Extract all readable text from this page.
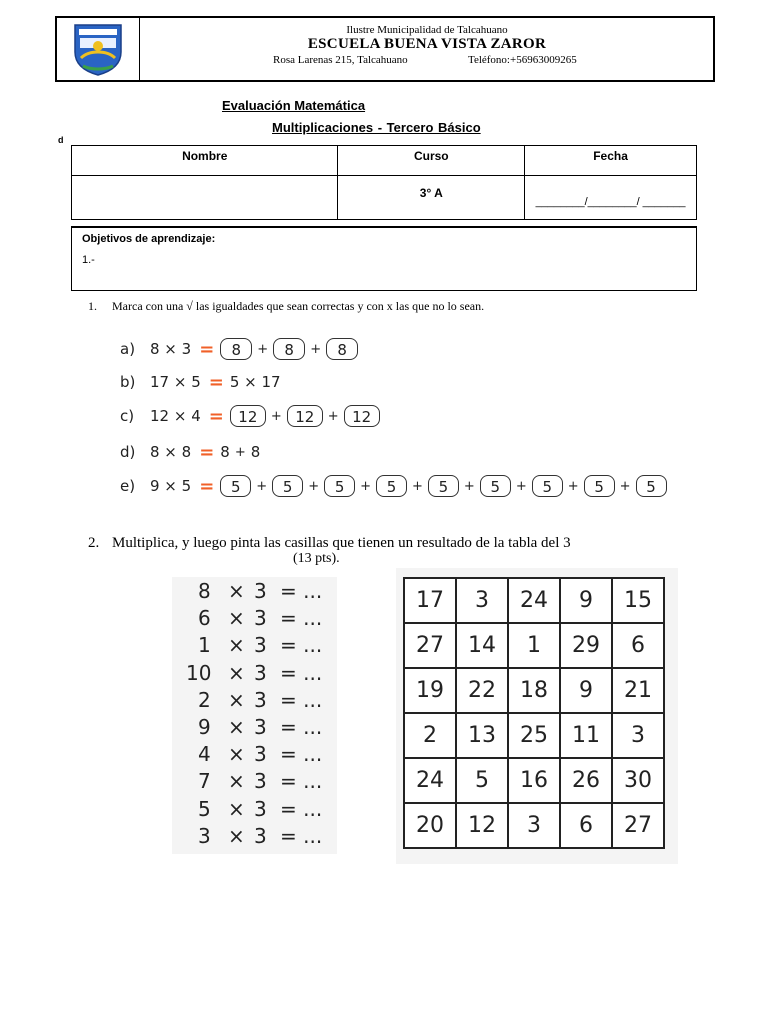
Ilustre Municipalidad de Talcahuano
ESCUELA BUENA VISTA ZAROR
Rosa Larenas 215, Talcahuano	Teléfono:+56963009265
Evaluación Matemática
Multiplicaciones - Tercero Básico
d
Nombre	Curso	Fecha
	3° A	________/________/ _______
Objetivos de aprendizaje:
1.-
1. Marca con una √ las igualdades que sean correctas y con x las que no lo sean.
a) 8 × 3 =	8	+	8	+	8
b) 17 × 5 = 5 × 17
c)	12 × 4 = 12	+ 12	+ 12
d) 8 × 8 = 8 + 8
e) 9 × 5 =	5	+	5	+	5	+	5	+	5	+	5	+	5	+	5	+	5
2. Multiplica, y luego pinta las casillas que tienen un resultado de la tabla del 3
(13 pts).
8 × 3 = ...
6 × 3 = ...
1 × 3 = ...
10 × 3 = ...
2 × 3 = ...
9 × 3 = ...
4 × 3 = ...
7 × 3 = ...
5 × 3 = ...
3 × 3 = ...
17	3	24	9	15
27	14	1	29	6
19	22	18	9	21
2	13	25	11	3
24	5	16	26	30
20	12	3	6	27
